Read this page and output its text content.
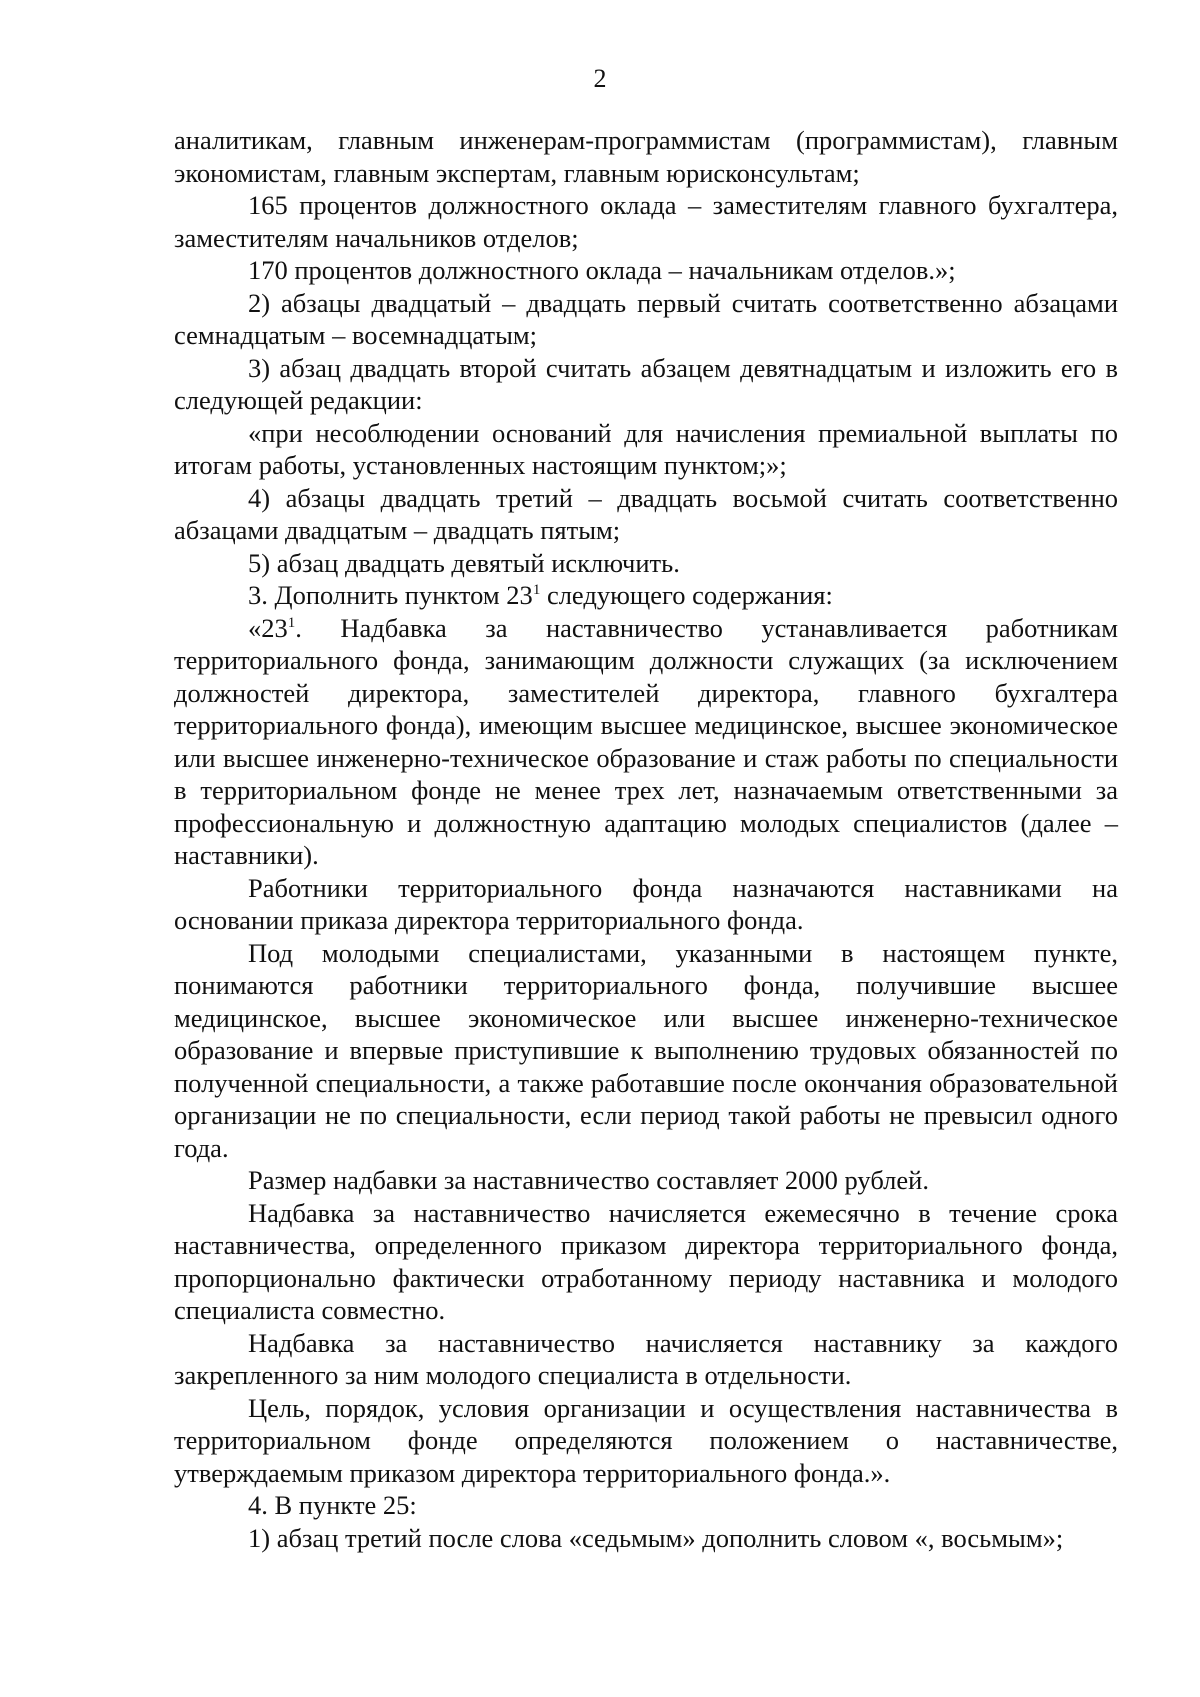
2

аналитикам, главным инженерам-программистам (программистам), главным экономистам, главным экспертам, главным юрисконсультам;

165 процентов должностного оклада – заместителям главного бухгалтера, заместителям начальников отделов;

170 процентов должностного оклада – начальникам отделов.»;

2) абзацы двадцатый – двадцать первый считать соответственно абзацами семнадцатым – восемнадцатым;

3) абзац двадцать второй считать абзацем девятнадцатым и изложить его в следующей редакции:

«при несоблюдении оснований для начисления премиальной выплаты по итогам работы, установленных настоящим пунктом;»;

4) абзацы двадцать третий – двадцать восьмой считать соответственно абзацами двадцатым – двадцать пятым;

5) абзац двадцать девятый исключить.

3. Дополнить пунктом $23^1$ следующего содержания:

«$23^1$. Надбавка за наставничество устанавливается работникам территориального фонда, занимающим должности служащих (за исключением должностей директора, заместителей директора, главного бухгалтера территориального фонда), имеющим высшее медицинское, высшее экономическое или высшее инженерно-техническое образование и стаж работы по специальности в территориальном фонде не менее трех лет, назначаемым ответственными за профессиональную и должностную адаптацию молодых специалистов (далее – наставники).

Работники территориального фонда назначаются наставниками на основании приказа директора территориального фонда.

Под молодыми специалистами, указанными в настоящем пункте, понимаются работники территориального фонда, получившие высшее медицинское, высшее экономическое или высшее инженерно-техническое образование и впервые приступившие к выполнению трудовых обязанностей по полученной специальности, а также работавшие после окончания образовательной организации не по специальности, если период такой работы не превысил одного года.

Размер надбавки за наставничество составляет 2000 рублей.

Надбавка за наставничество начисляется ежемесячно в течение срока наставничества, определенного приказом директора территориального фонда, пропорционально фактически отработанному периоду наставника и молодого специалиста совместно.

Надбавка за наставничество начисляется наставнику за каждого закрепленного за ним молодого специалиста в отдельности.

Цель, порядок, условия организации и осуществления наставничества в территориальном фонде определяются положением о наставничестве, утверждаемым приказом директора территориального фонда.».

4. В пункте 25:

1) абзац третий после слова «седьмым» дополнить словом «, восьмым»;
